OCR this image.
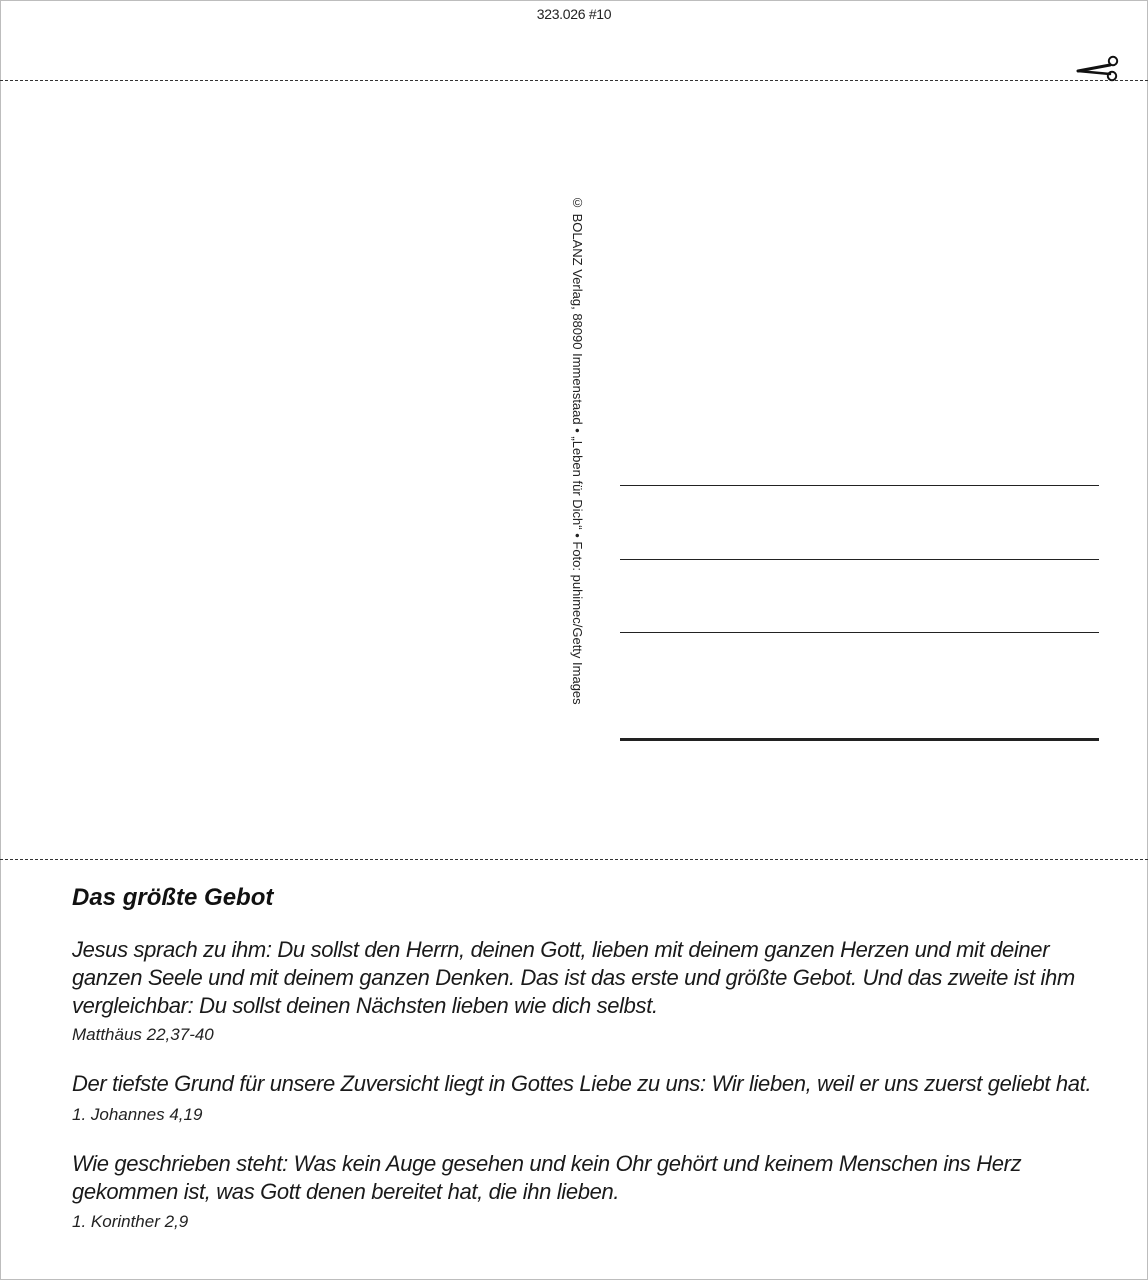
323.026 #10
© BOLANZ Verlag, 88090 Immenstaad • „Leben für Dich“ • Foto: puhimec/Getty Images
Das größte Gebot

Jesus sprach zu ihm: Du sollst den Herrn, deinen Gott, lieben mit deinem ganzen Herzen und mit deiner ganzen Seele und mit deinem ganzen Denken. Das ist das erste und größte Gebot. Und das zweite ist ihm vergleichbar: Du sollst deinen Nächsten lieben wie dich selbst.

Matthäus 22,37-40

Der tiefste Grund für unsere Zuversicht liegt in Gottes Liebe zu uns: Wir lieben, weil er uns zuerst geliebt hat.

1. Johannes 4,19

Wie geschrieben steht: Was kein Auge gesehen und kein Ohr gehört und keinem Menschen ins Herz gekommen ist, was Gott denen bereitet hat, die ihn lieben.

1. Korinther 2,9
